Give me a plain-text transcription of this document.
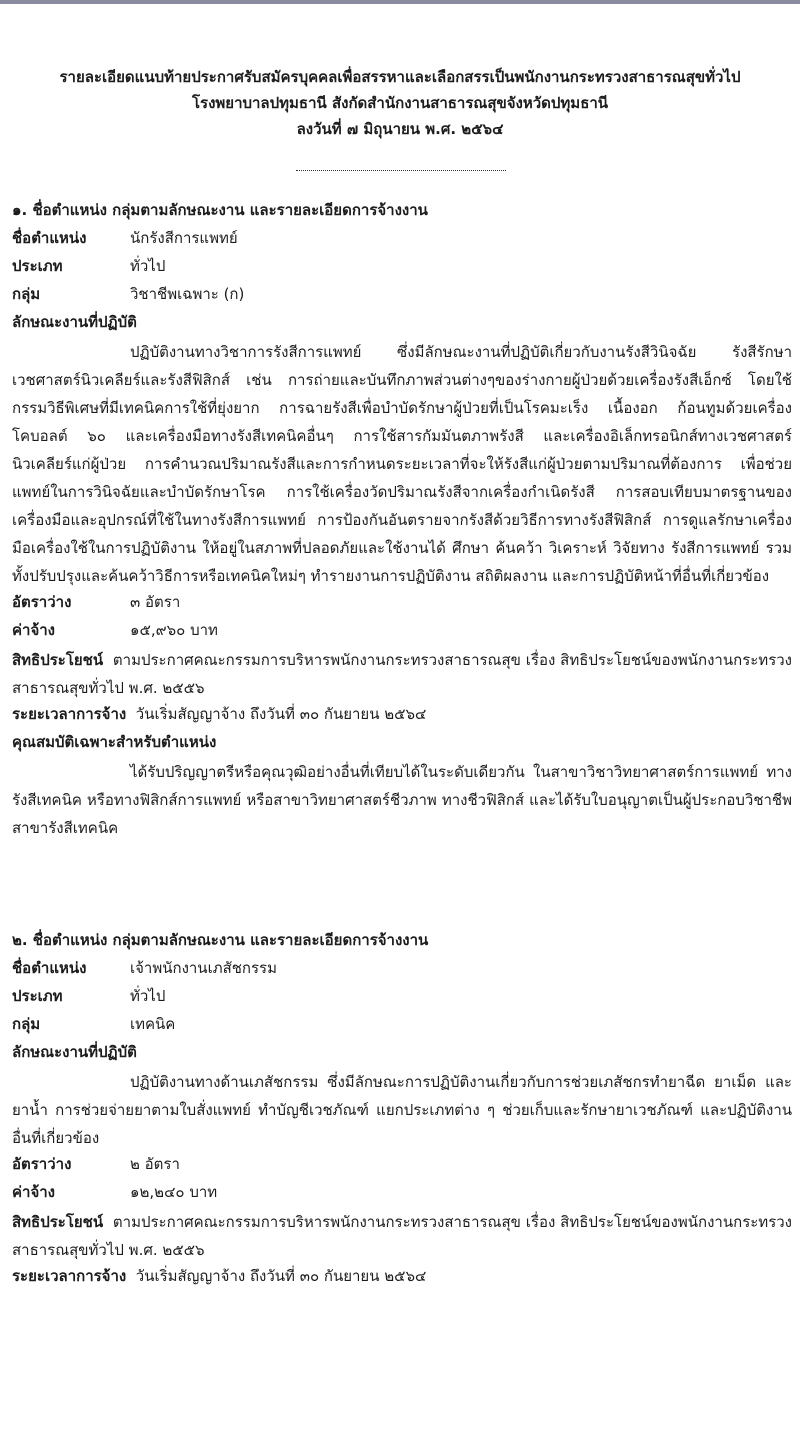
รายละเอียดแนบท้ายประกาศรับสมัครบุคคลเพื่อสรรหาและเลือกสรรเป็นพนักงานกระทรวงสาธารณสุขทั่วไป
โรงพยาบาลปทุมธานี สังกัดสำนักงานสาธารณสุขจังหวัดปทุมธานี
ลงวันที่ ๗ มิถุนายน พ.ศ. ๒๕๖๔
๑. ชื่อตำแหน่ง กลุ่มตามลักษณะงาน และรายละเอียดการจ้างงาน
ชื่อตำแหน่ง	นักรังสีการแพทย์
ประเภท	ทั่วไป
กลุ่ม	วิชาชีพเฉพาะ (ก)
ลักษณะงานที่ปฏิบัติ

ปฏิบัติงานทางวิชาการรังสีการแพทย์ ซึ่งมีลักษณะงานที่ปฏิบัติเกี่ยวกับงานรังสีวินิจฉัย รังสีรักษาเวชศาสตร์นิวเคลียร์และรังสีฟิสิกส์ เช่น การถ่ายและบันทึกภาพส่วนต่างๆของร่างกายผู้ป่วยด้วยเครื่องรังสีเอ็กซ์ โดยใช้กรรมวิธีพิเศษที่มีเทคนิคการใช้ที่ยุ่งยาก การฉายรังสีเพื่อบำบัดรักษาผู้ป่วยที่เป็นโรคมะเร็ง เนื้องอก ก้อนทูมด้วยเครื่องโคบอลต์ ๖๐ และเครื่องมือทางรังสีเทคนิคอื่นๆ การใช้สารกัมมันตภาพรังสี และเครื่องอิเล็กทรอนิกส์ทางเวชศาสตร์นิวเคลียร์แก่ผู้ป่วย การคำนวณปริมาณรังสีและการกำหนดระยะเวลาที่จะให้รังสีแก่ผู้ป่วยตามปริมาณที่ต้องการ เพื่อช่วยแพทย์ในการวินิจฉัยและบำบัดรักษาโรค การใช้เครื่องวัดปริมาณรังสีจากเครื่องกำเนิดรังสี การสอบเทียบมาตรฐานของเครื่องมือและอุปกรณ์ที่ใช้ในทางรังสีการแพทย์ การป้องกันอันตรายจากรังสีด้วยวิธีการทางรังสีฟิสิกส์ การดูแลรักษาเครื่องมือเครื่องใช้ในการปฏิบัติงาน ให้อยู่ในสภาพที่ปลอดภัยและใช้งานได้ ศึกษา ค้นคว้า วิเคราะห์ วิจัยทาง รังสีการแพทย์ รวมทั้งปรับปรุงและค้นคว้าวิธีการหรือเทคนิคใหม่ๆ ทำรายงานการปฏิบัติงาน สถิติผลงาน และการปฏิบัติหน้าที่อื่นที่เกี่ยวข้อง

อัตราว่าง	๓ อัตรา
ค่าจ้าง	๑๕,๙๖๐ บาท

สิทธิประโยชน์ ตามประกาศคณะกรรมการบริหารพนักงานกระทรวงสาธารณสุข เรื่อง สิทธิประโยชน์ของพนักงานกระทรวงสาธารณสุขทั่วไป พ.ศ. ๒๕๕๖

ระยะเวลาการจ้าง วันเริ่มสัญญาจ้าง ถึงวันที่ ๓๐ กันยายน ๒๕๖๔
คุณสมบัติเฉพาะสำหรับตำแหน่ง

ได้รับปริญญาตรีหรือคุณวุฒิอย่างอื่นที่เทียบได้ในระดับเดียวกัน ในสาขาวิชาวิทยาศาสตร์การแพทย์ ทางรังสีเทคนิค หรือทางฟิสิกส์การแพทย์ หรือสาขาวิทยาศาสตร์ชีวภาพ ทางชีวฟิสิกส์ และได้รับใบอนุญาตเป็นผู้ประกอบวิชาชีพสาขารังสีเทคนิค

๒. ชื่อตำแหน่ง กลุ่มตามลักษณะงาน และรายละเอียดการจ้างงาน
ชื่อตำแหน่ง	เจ้าพนักงานเภสัชกรรม
ประเภท	ทั่วไป
กลุ่ม	เทคนิค
ลักษณะงานที่ปฏิบัติ

ปฏิบัติงานทางด้านเภสัชกรรม ซึ่งมีลักษณะการปฏิบัติงานเกี่ยวกับการช่วยเภสัชกรทำยาฉีด ยาเม็ด และยาน้ำ การช่วยจ่ายยาตามใบสั่งแพทย์ ทำบัญชีเวชภัณฑ์ แยกประเภทต่าง ๆ ช่วยเก็บและรักษายาเวชภัณฑ์ และปฏิบัติงานอื่นที่เกี่ยวข้อง

อัตราว่าง	๒ อัตรา
ค่าจ้าง	๑๒,๒๔๐ บาท

สิทธิประโยชน์ ตามประกาศคณะกรรมการบริหารพนักงานกระทรวงสาธารณสุข เรื่อง สิทธิประโยชน์ของพนักงานกระทรวงสาธารณสุขทั่วไป พ.ศ. ๒๕๕๖

ระยะเวลาการจ้าง วันเริ่มสัญญาจ้าง ถึงวันที่ ๓๐ กันยายน ๒๕๖๔
